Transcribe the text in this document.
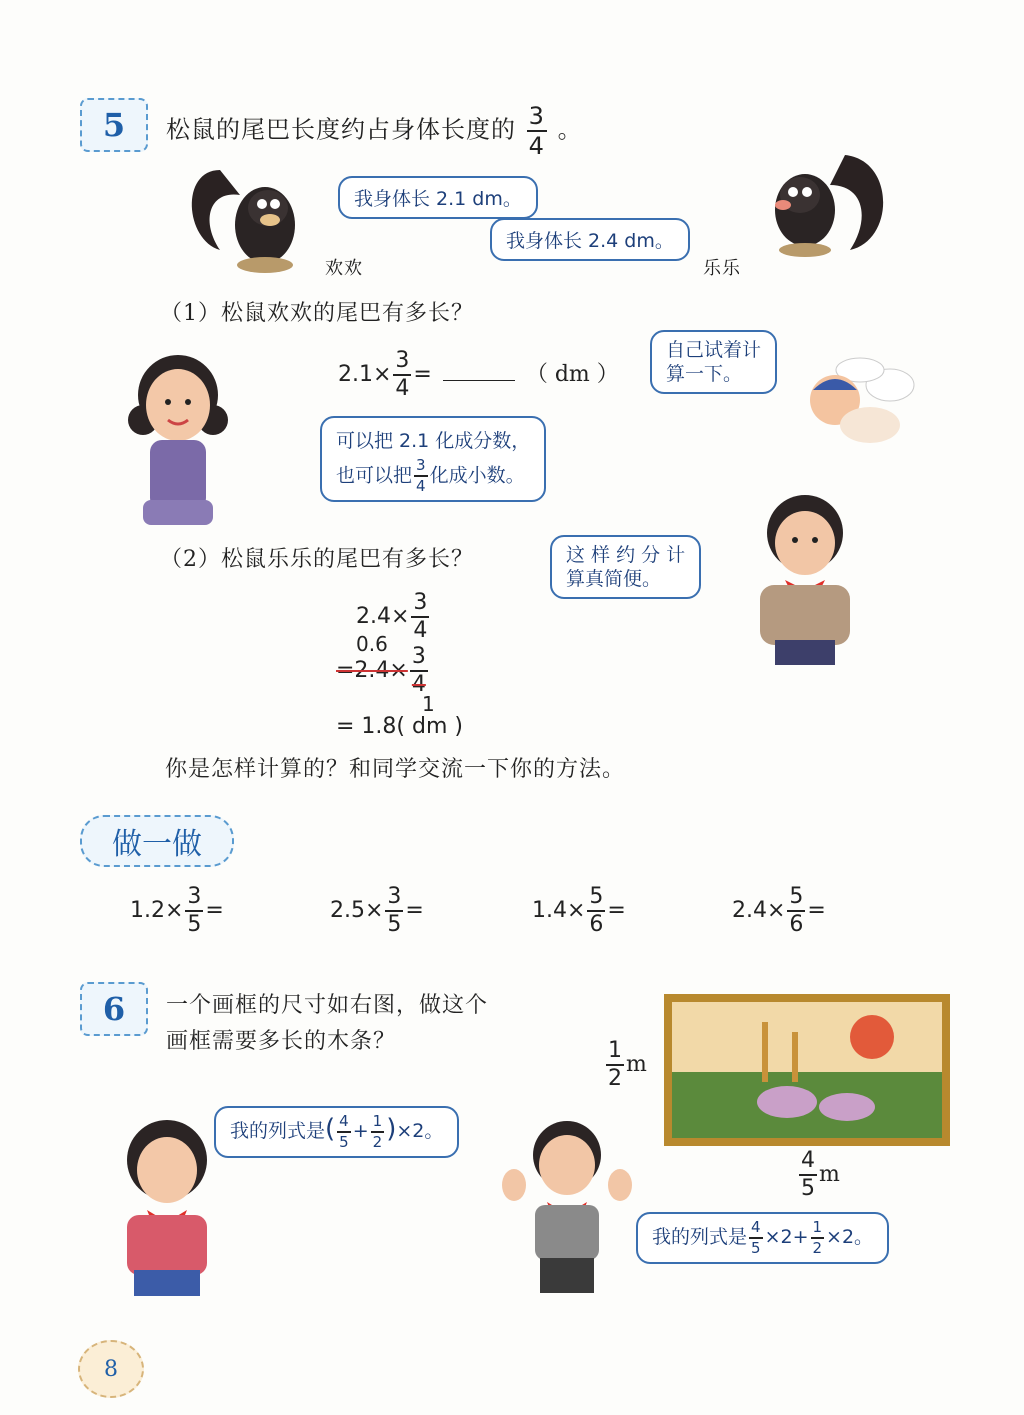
5	松鼠的尾巴长度约占身体长度的 $\frac{3}{4}$ 。
我身体长 2.1 dm。
欢欢
我身体长 2.4 dm。
乐乐
（1）松鼠欢欢的尾巴有多长？
$2.1\times \frac{3}{4}$ =	（ dm ）
可以把 2.1 化成分数，
也可以把 $\frac{3}{4}$ 化成小数。
自己试着计
算一下。
（2）松鼠乐乐的尾巴有多长？	这 样 约 分 计
算真简便。
$2.4\times \frac{3}{4}$
0.6
$=2.4\times \frac{3}{4}$
1
= 1.8( dm )
你是怎样计算的？和同学交流一下你的方法。
做一做
$1.2\times \frac{3}{5}$ =	$2.5\times \frac{3}{5}$ =	$1.4\times \frac{5}{6}$ =	$2.4\times \frac{5}{6}$ =
6	一个画框的尺寸如右图，做这个
画框需要多长的木条？	$\frac{1}{2}$ m
$\frac{4}{5}$ m
我的列式是( $\frac{4}{5} + \frac{1}{2} )\times 2$。
我的列式是 $\frac{4}{5} \times 2+ \frac{1}{2} \times 2$。
8
